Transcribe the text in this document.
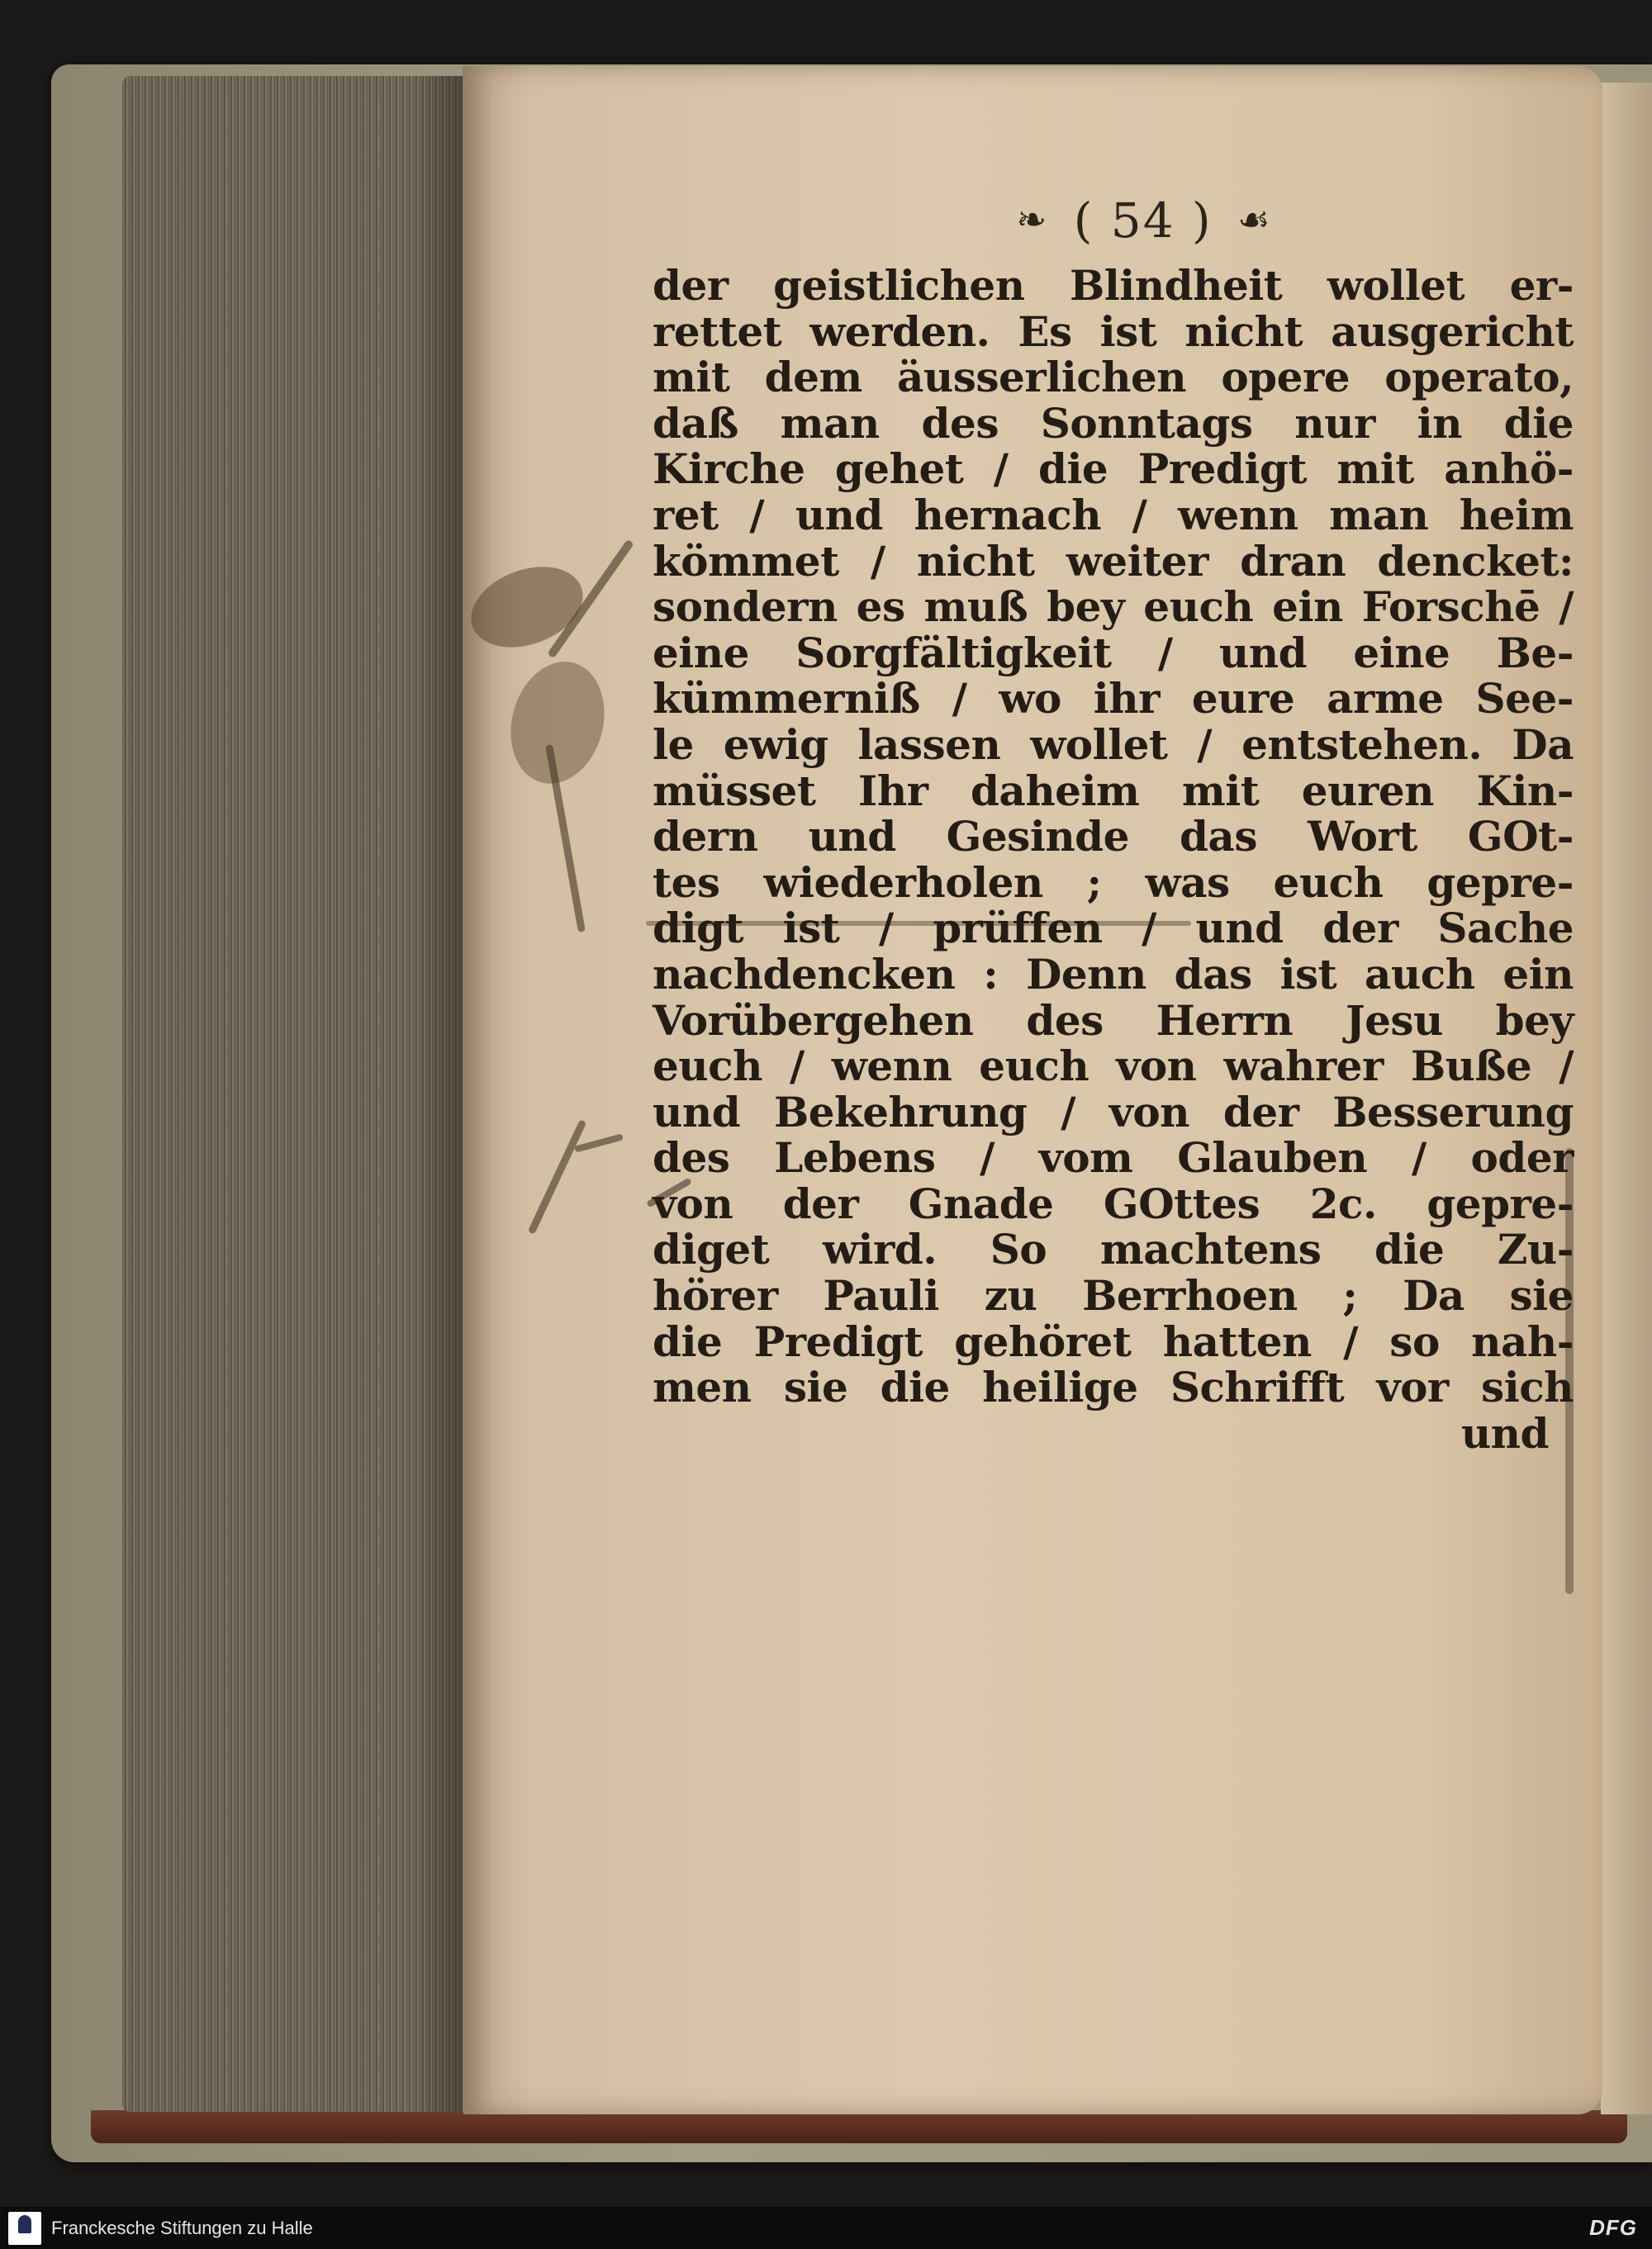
❧ ( 54 ) ☙
der geistlichen Blindheit wollet er-
rettet werden. Es ist nicht ausgericht
mit dem äusserlichen opere operato,
daß man des Sonntags nur in die
Kirche gehet / die Predigt mit anhö-
ret / und hernach / wenn man heim
kömmet / nicht weiter dran dencket:
sondern es muß bey euch ein Forschē /
eine Sorgfältigkeit / und eine Be-
kümmerniß / wo ihr eure arme See-
le ewig lassen wollet / entstehen. Da
müsset Ihr daheim mit euren Kin-
dern und Gesinde das Wort GOt-
tes wiederholen ; was euch gepre-
digt ist / prüffen / und der Sache
nachdencken : Denn das ist auch ein
Vorübergehen des Herrn Jesu bey
euch / wenn euch von wahrer Buße /
und Bekehrung / von der Besserung
des Lebens / vom Glauben / oder
von der Gnade GOttes 2c. gepre-
diget wird. So machtens die Zu-
hörer Pauli zu Berrhoen ; Da sie
die Predigt gehöret hatten / so nah-
men sie die heilige Schrifft vor sich
und
Franckesche Stiftungen zu Halle	DFG
